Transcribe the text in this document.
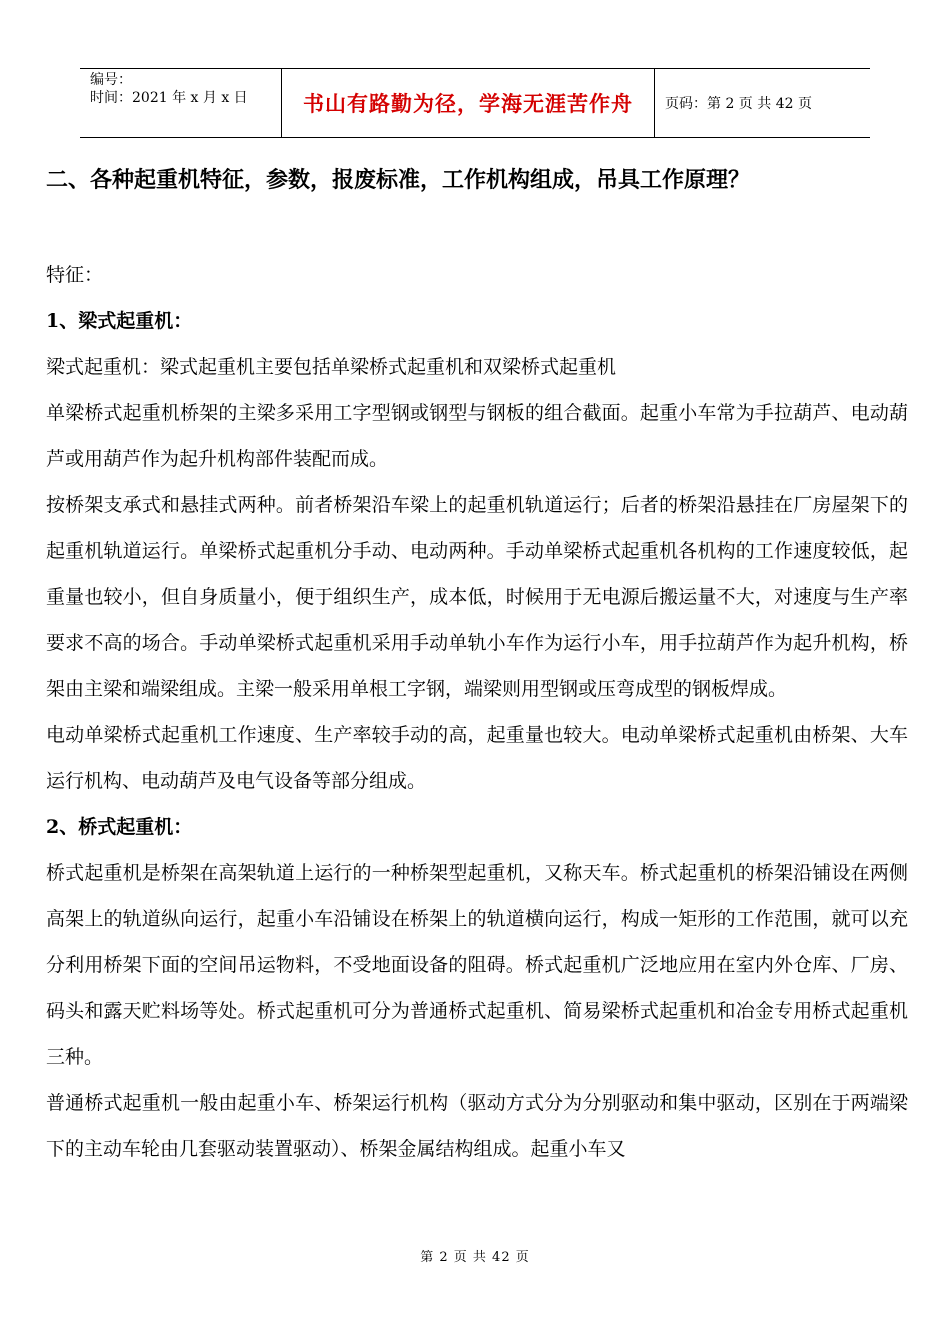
编号：
时间：2021 年 x 月 x 日	书山有路勤为径，学海无涯苦作舟 页码：第 2 页 共 42 页
二、各种起重机特征，参数，报废标准，工作机构组成，吊具工作原理？

特征：

1、梁式起重机：

梁式起重机：梁式起重机主要包括单梁桥式起重机和双梁桥式起重机

单梁桥式起重机桥架的主梁多采用工字型钢或钢型与钢板的组合截面。起重小车常为手拉葫芦、电动葫芦或用葫芦作为起升机构部件装配而成。

按桥架支承式和悬挂式两种。前者桥架沿车梁上的起重机轨道运行；后者的桥架沿悬挂在厂房屋架下的起重机轨道运行。单梁桥式起重机分手动、电动两种。手动单梁桥式起重机各机构的工作速度较低，起重量也较小，但自身质量小，便于组织生产，成本低，时候用于无电源后搬运量不大，对速度与生产率要求不高的场合。手动单梁桥式起重机采用手动单轨小车作为运行小车，用手拉葫芦作为起升机构，桥架由主梁和端梁组成。主梁一般采用单根工字钢，端梁则用型钢或压弯成型的钢板焊成。

电动单梁桥式起重机工作速度、生产率较手动的高，起重量也较大。电动单梁桥式起重机由桥架、大车运行机构、电动葫芦及电气设备等部分组成。

2、桥式起重机：

桥式起重机是桥架在高架轨道上运行的一种桥架型起重机，又称天车。桥式起重机的桥架沿铺设在两侧高架上的轨道纵向运行，起重小车沿铺设在桥架上的轨道横向运行，构成一矩形的工作范围，就可以充分利用桥架下面的空间吊运物料，不受地面设备的阻碍。桥式起重机广泛地应用在室内外仓库、厂房、码头和露天贮料场等处。桥式起重机可分为普通桥式起重机、简易梁桥式起重机和冶金专用桥式起重机三种。

普通桥式起重机一般由起重小车、桥架运行机构（驱动方式分为分别驱动和集中驱动，区别在于两端梁下的主动车轮由几套驱动装置驱动）、桥架金属结构组成。起重小车又

第 2 页 共 42 页
